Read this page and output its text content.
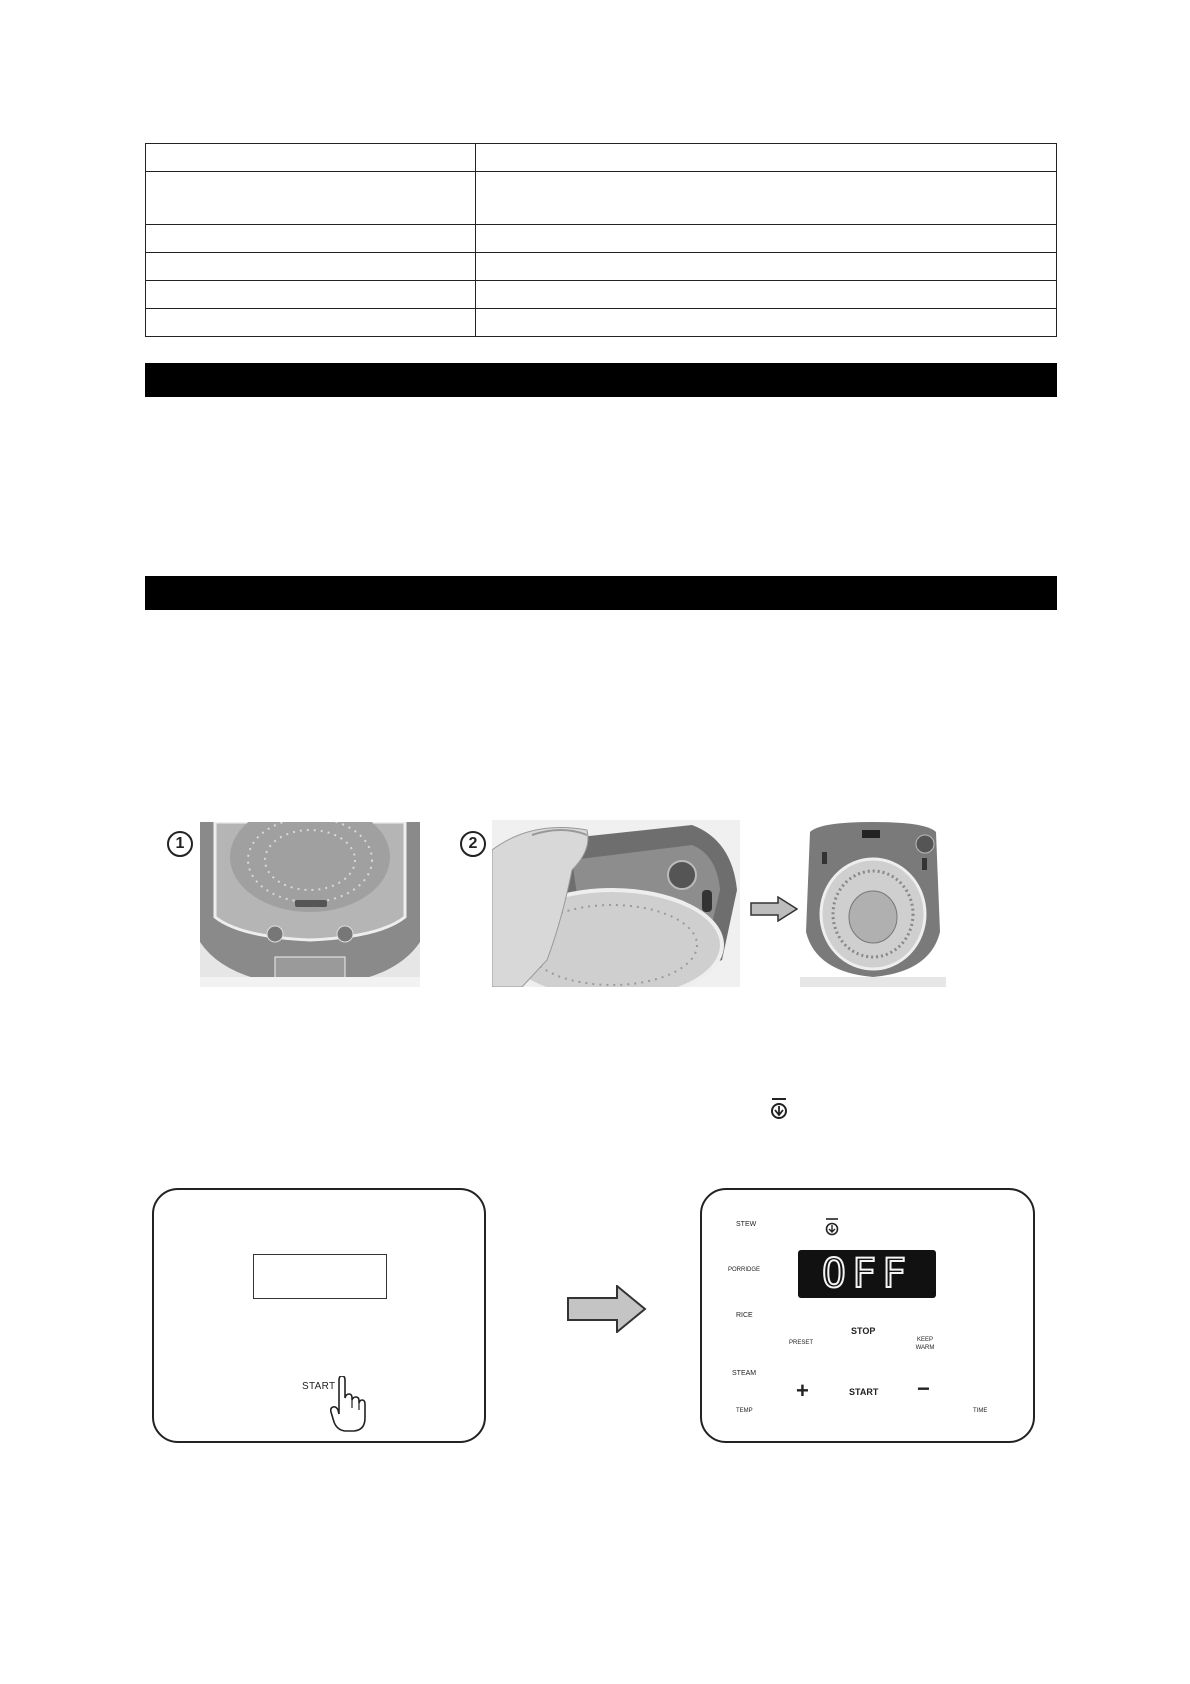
1	2
START
STEW
PORRIDGE
RICE
STEAM
TEMP
PRESET
STOP
KEEP WARM
+	START −
TIME
OFF
